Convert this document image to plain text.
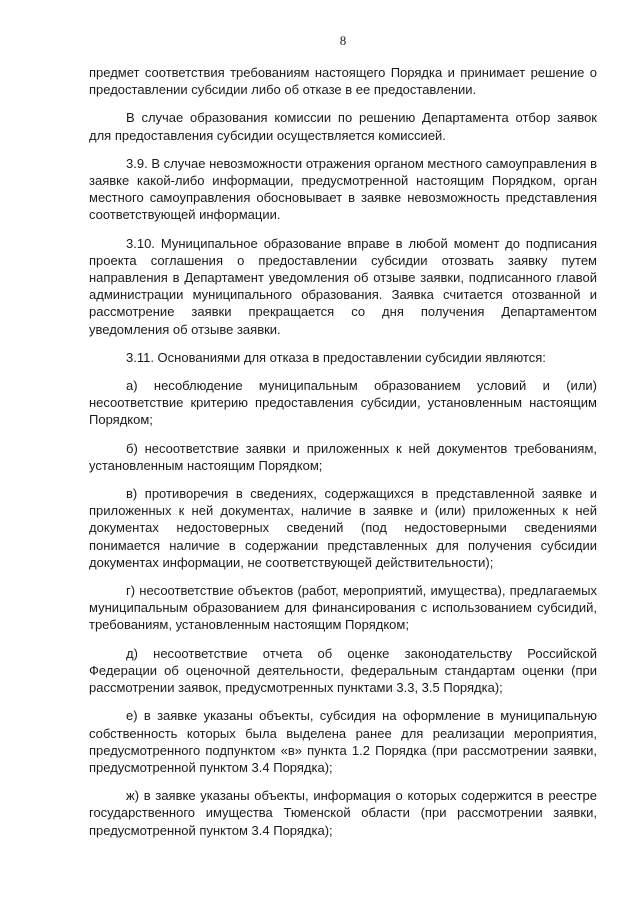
8

предмет соответствия требованиям настоящего Порядка и принимает решение о предоставлении субсидии либо об отказе в ее предоставлении.

В случае образования комиссии по решению Департамента отбор заявок для предоставления субсидии осуществляется комиссией.

3.9. В случае невозможности отражения органом местного самоуправления в заявке какой-либо информации, предусмотренной настоящим Порядком, орган местного самоуправления обосновывает в заявке невозможность представления соответствующей информации.

3.10. Муниципальное образование вправе в любой момент до подписания проекта соглашения о предоставлении субсидии отозвать заявку путем направления в Департамент уведомления об отзыве заявки, подписанного главой администрации муниципального образования. Заявка считается отозванной и рассмотрение заявки прекращается со дня получения Департаментом уведомления об отзыве заявки.

3.11. Основаниями для отказа в предоставлении субсидии являются:

а) несоблюдение муниципальным образованием условий и (или) несоответствие критерию предоставления субсидии, установленным настоящим Порядком;

б) несоответствие заявки и приложенных к ней документов требованиям, установленным настоящим Порядком;

в) противоречия в сведениях, содержащихся в представленной заявке и приложенных к ней документах, наличие в заявке и (или) приложенных к ней документах недостоверных сведений (под недостоверными сведениями понимается наличие в содержании представленных для получения субсидии документах информации, не соответствующей действительности);

г) несоответствие объектов (работ, мероприятий, имущества), предлагаемых муниципальным образованием для финансирования с использованием субсидий, требованиям, установленным настоящим Порядком;

д) несоответствие отчета об оценке законодательству Российской Федерации об оценочной деятельности, федеральным стандартам оценки (при рассмотрении заявок, предусмотренных пунктами 3.3, 3.5 Порядка);

е) в заявке указаны объекты, субсидия на оформление в муниципальную собственность которых была выделена ранее для реализации мероприятия, предусмотренного подпунктом «в» пункта 1.2 Порядка (при рассмотрении заявки, предусмотренной пунктом 3.4 Порядка);

ж) в заявке указаны объекты, информация о которых содержится в реестре государственного имущества Тюменской области (при рассмотрении заявки, предусмотренной пунктом 3.4 Порядка);
